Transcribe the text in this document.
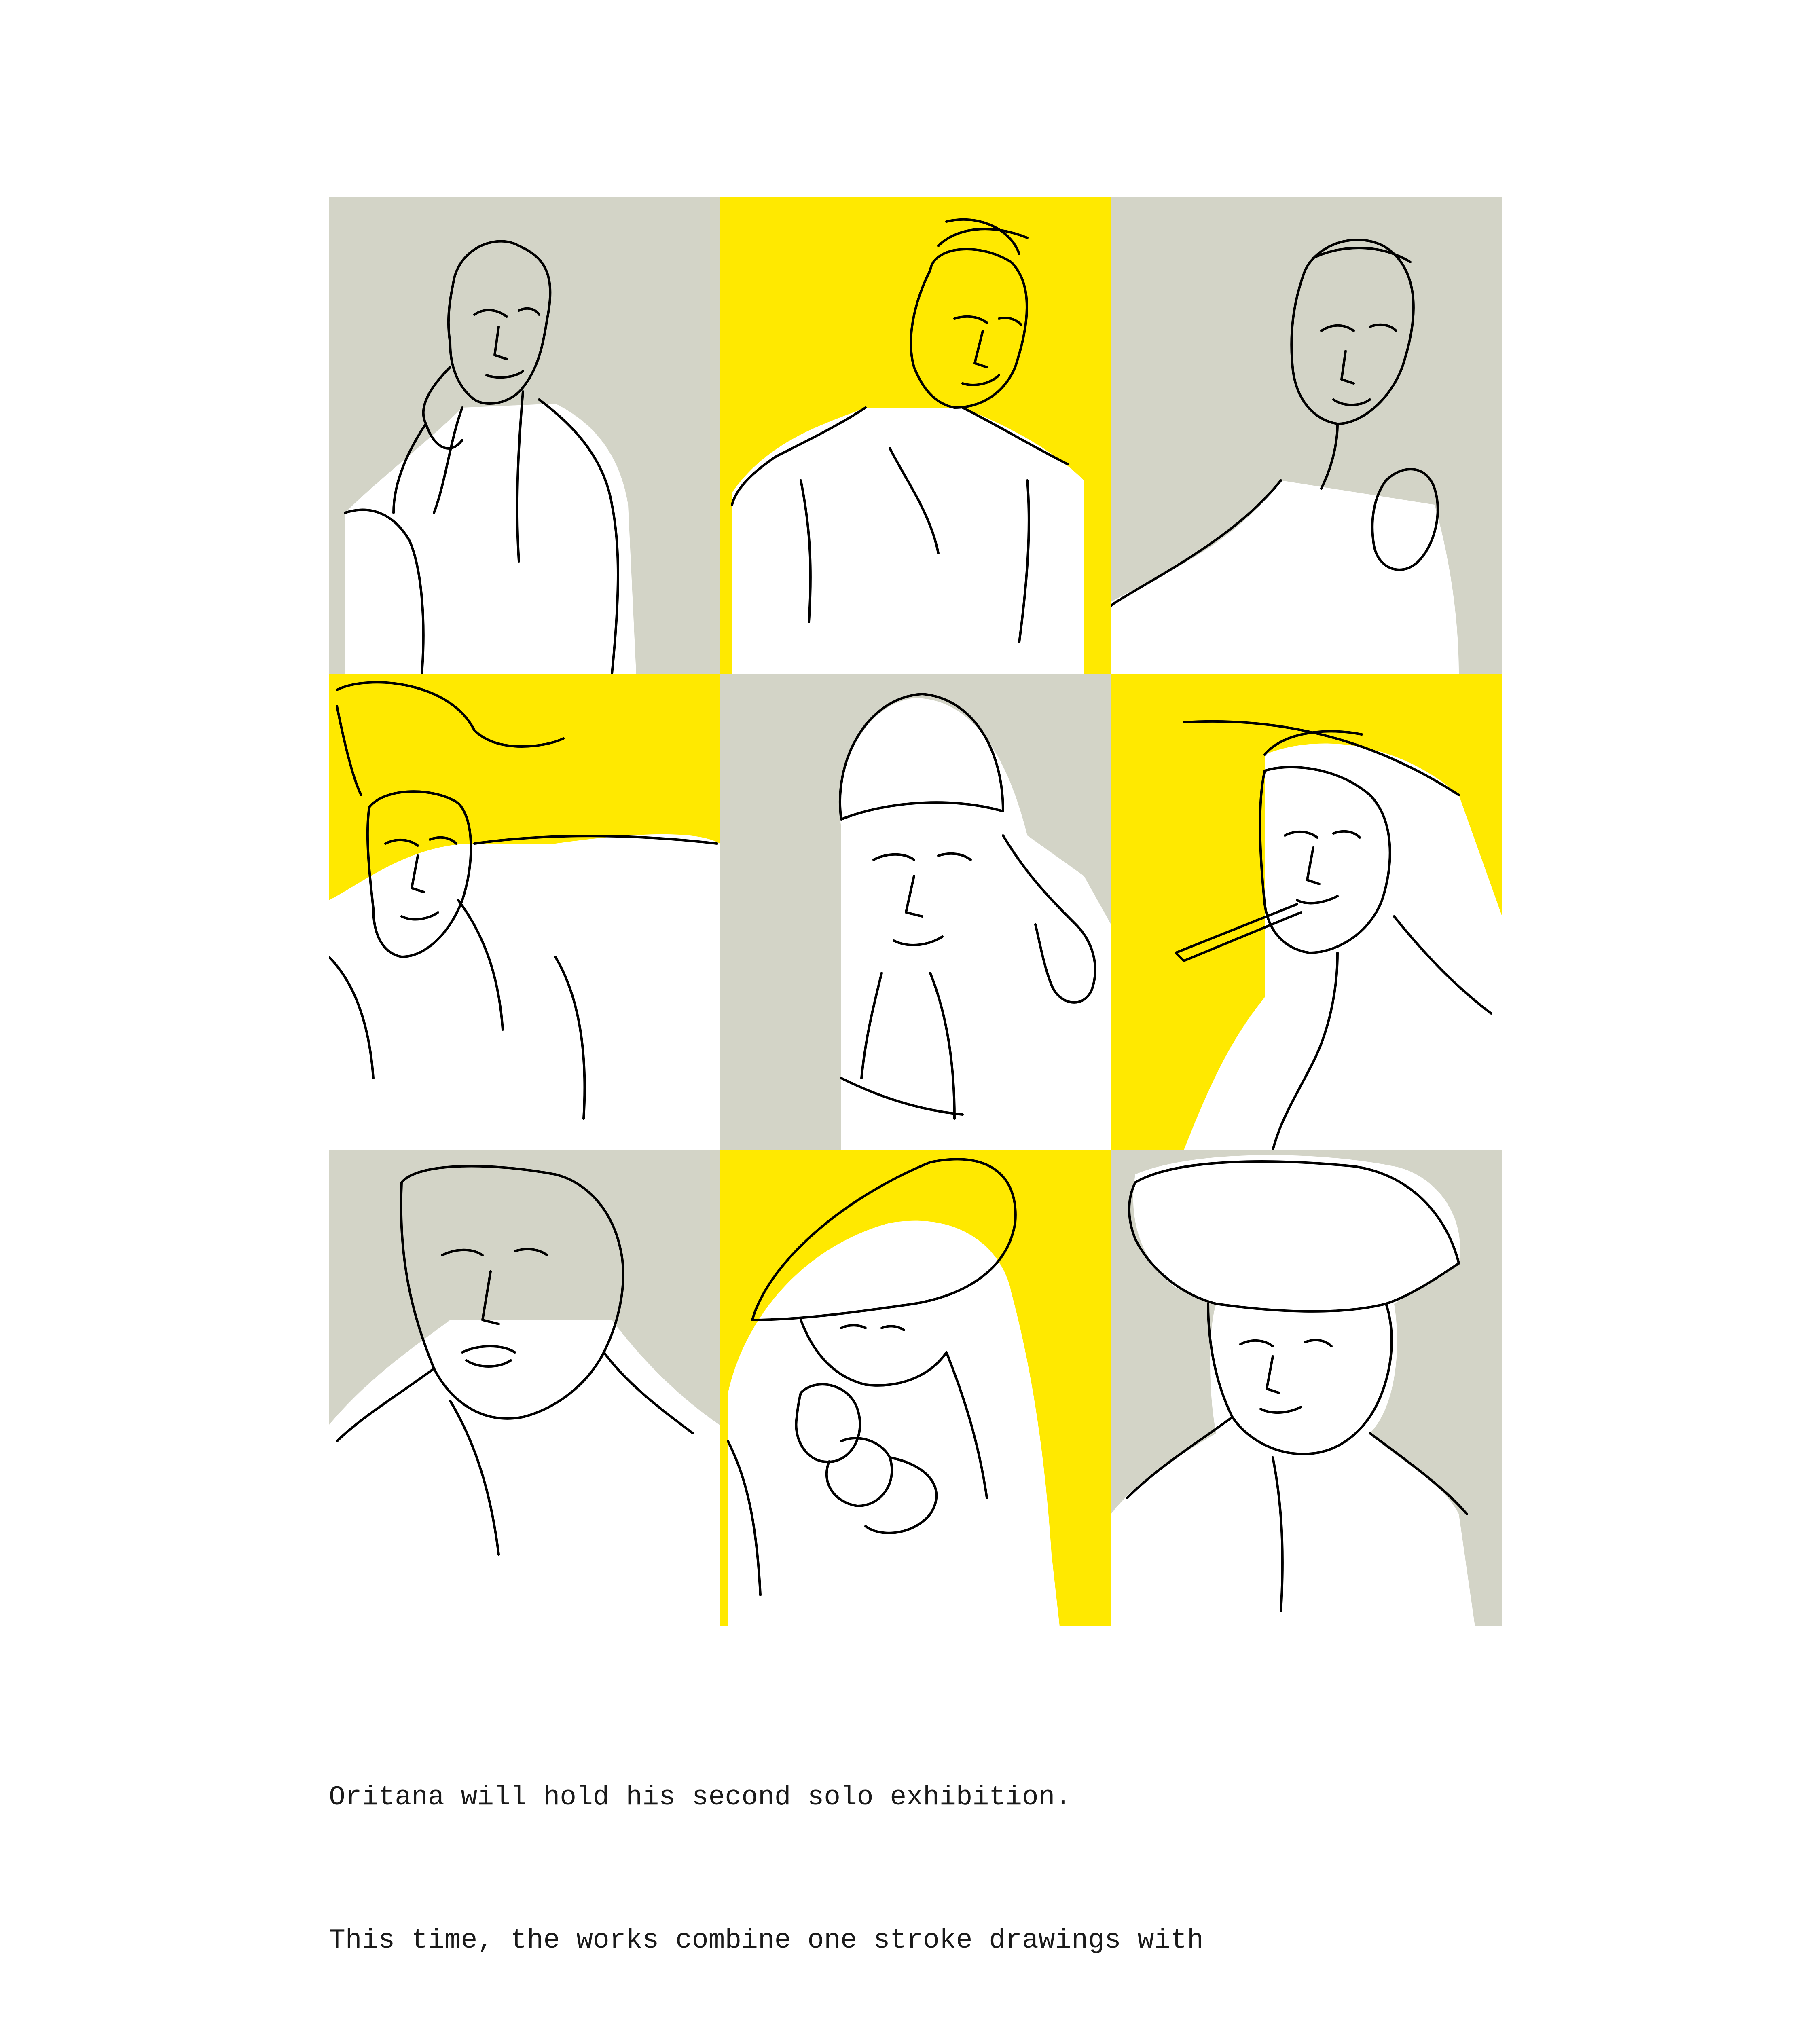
Oritana will hold his second solo exhibition.

This time, the works combine one stroke drawings with
